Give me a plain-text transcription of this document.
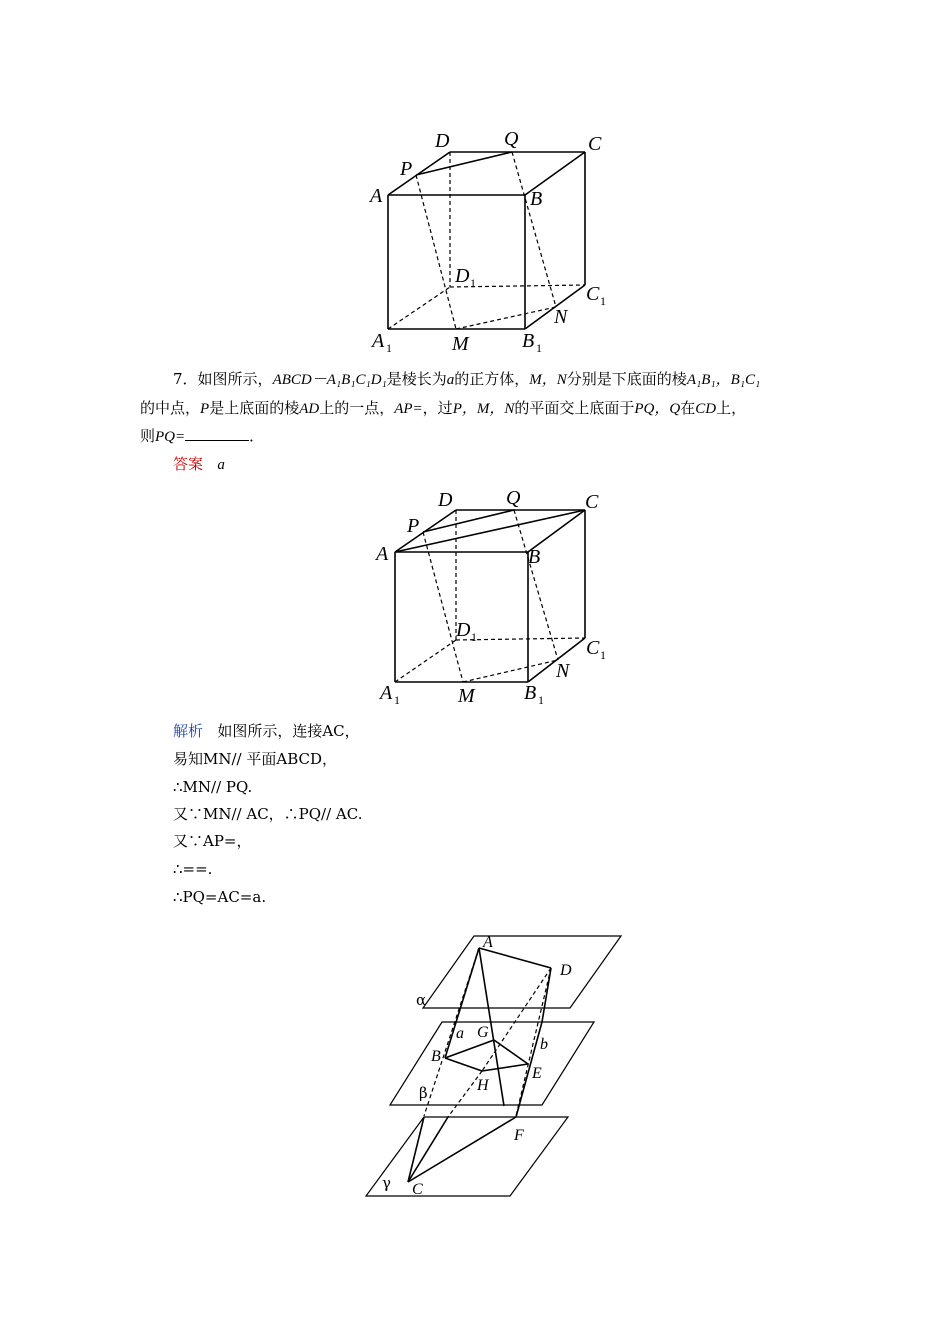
D	Q	C
P
A	B
D 1	C 1
N
A 1	M	B 1
7．如图所示，ABCD－A₁B₁C₁D₁是棱长为a的正方体，M，N分别是下底面的棱A₁B₁，B₁C₁
的中点，P是上底面的棱AD上的一点，AP=，过P，M，N的平面交上底面于PQ，Q在CD上，
则PQ=	．
答案 a
D	Q	C
P
A	B
D 1	C 1
N
A 1	M B 1
解析 如图所示，连接AC，
易知MN// 平面ABCD，
∴MN// PQ.
又∵MN// AC，∴PQ// AC.
又∵AP=，
∴==.
∴PQ=AC=a.
A
D
α
a G
b
B
H
E
β
F
γ C
